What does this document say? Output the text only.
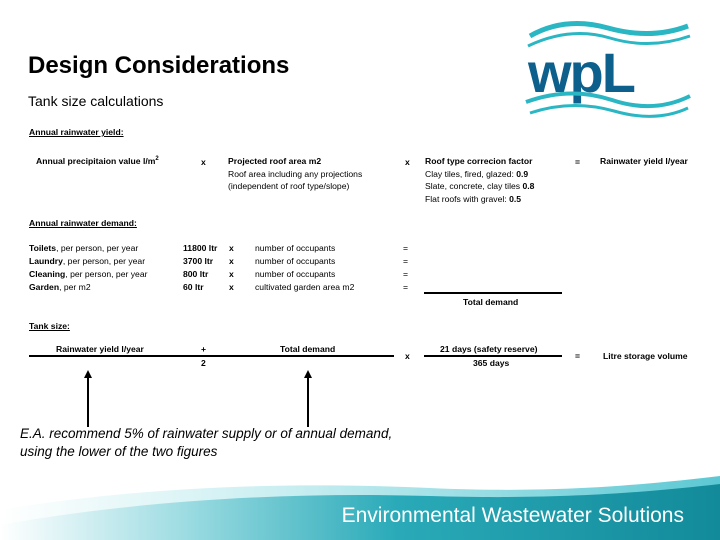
Design Considerations
Tank size calculations	wpL
Annual rainwater yield:
Annual precipitaion value $l/m^2$	x	Projected roof area m2
Roof area including any projections
(independent of roof type/slope)
x Roof type correcion factor
Clay tiles, fired, glazed: 0.9
Slate, concrete, clay tiles 0.8
Flat roofs with gravel: 0.5
= Rainwater yield l/year
Annual rainwater demand:
Toilets, per person, per year	11800 ltr x number of occupants	=
Laundry, per person, per year	3700 ltr x number of occupants	=
Cleaning, per person, per year	800 ltr x number of occupants	=
Garden, per m2	60 ltr	x cultivated garden area m2	=
Total demand
Tank size:
Rainwater yield l/year	+	Total demand
2
x
21 days (safety reserve)
365 days
=	Litre storage volume
E.A. recommend 5% of rainwater supply or of annual demand,
using the lower of the two figures
Environmental Wastewater Solutions
